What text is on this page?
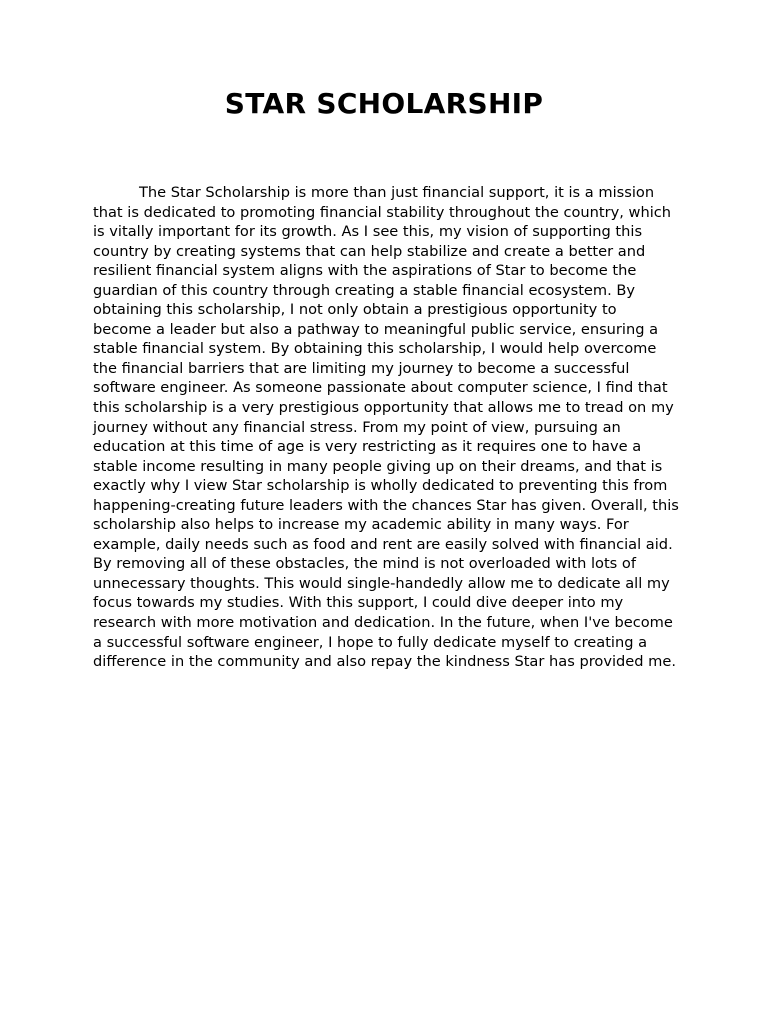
STAR SCHOLARSHIP

The Star Scholarship is more than just financial support, it is a mission that is dedicated to promoting financial stability throughout the country, which is vitally important for its growth. As I see this, my vision of supporting this country by creating systems that can help stabilize and create a better and resilient financial system aligns with the aspirations of Star to become the guardian of this country through creating a stable financial ecosystem. By obtaining this scholarship, I not only obtain a prestigious opportunity to become a leader but also a pathway to meaningful public service, ensuring a stable financial system. By obtaining this scholarship, I would help overcome the financial barriers that are limiting my journey to become a successful software engineer. As someone passionate about computer science, I find that this scholarship is a very prestigious opportunity that allows me to tread on my journey without any financial stress. From my point of view, pursuing an education at this time of age is very restricting as it requires one to have a stable income resulting in many people giving up on their dreams, and that is exactly why I view Star scholarship is wholly dedicated to preventing this from happening-creating future leaders with the chances Star has given. Overall, this scholarship also helps to increase my academic ability in many ways. For example, daily needs such as food and rent are easily solved with financial aid. By removing all of these obstacles, the mind is not overloaded with lots of unnecessary thoughts. This would single-handedly allow me to dedicate all my focus towards my studies. With this support, I could dive deeper into my research with more motivation and dedication. In the future, when I've become a successful software engineer, I hope to fully dedicate myself to creating a difference in the community and also repay the kindness Star has provided me.
